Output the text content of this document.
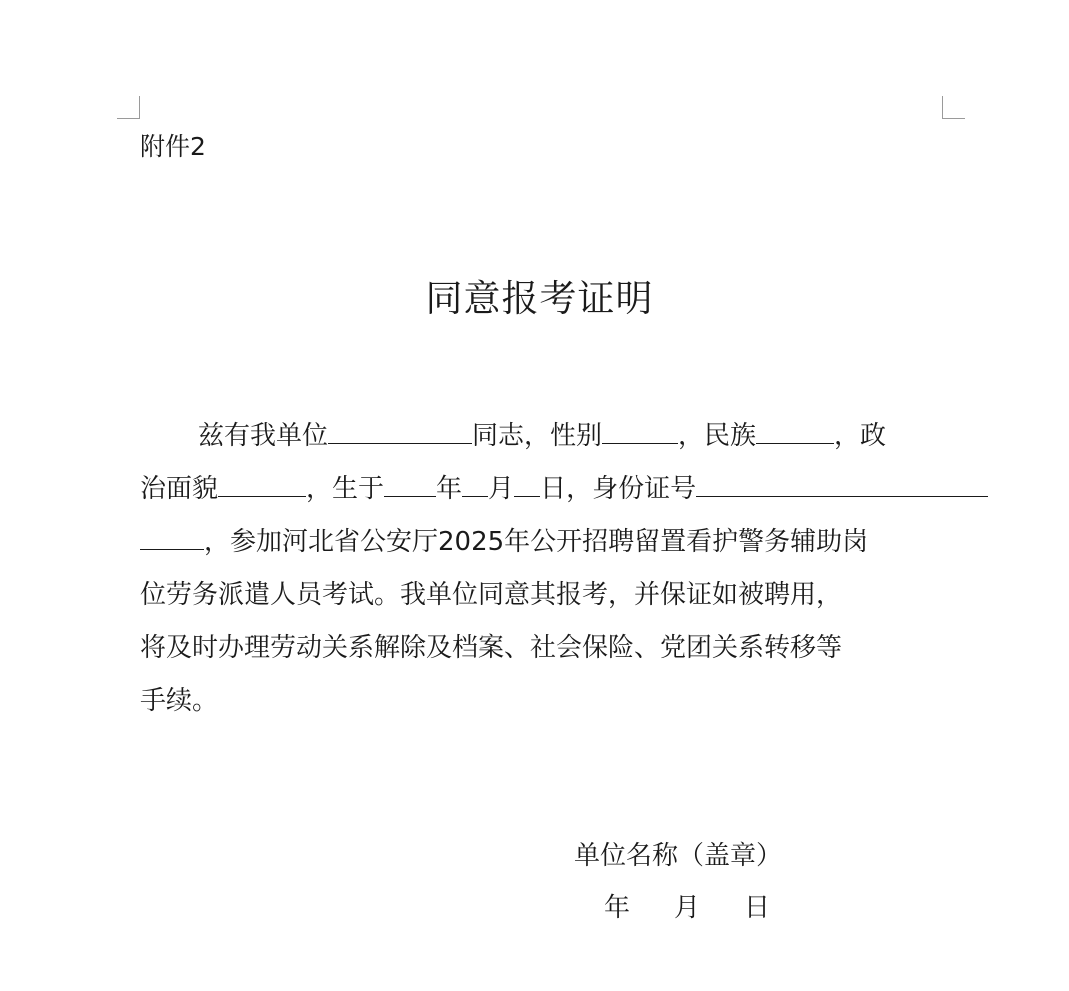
附件2
同意报考证明
兹有我单位	同志，性别	，民族	，政
治面貌	，生于 年 月 日，身份证号
，参加河北省公安厅2025年公开招聘留置看护警务辅助岗
位劳务派遣人员考试。我单位同意其报考，并保证如被聘用，
将及时办理劳动关系解除及档案、社会保险、党团关系转移等
手续。
单位名称（盖章）
年 月 日
